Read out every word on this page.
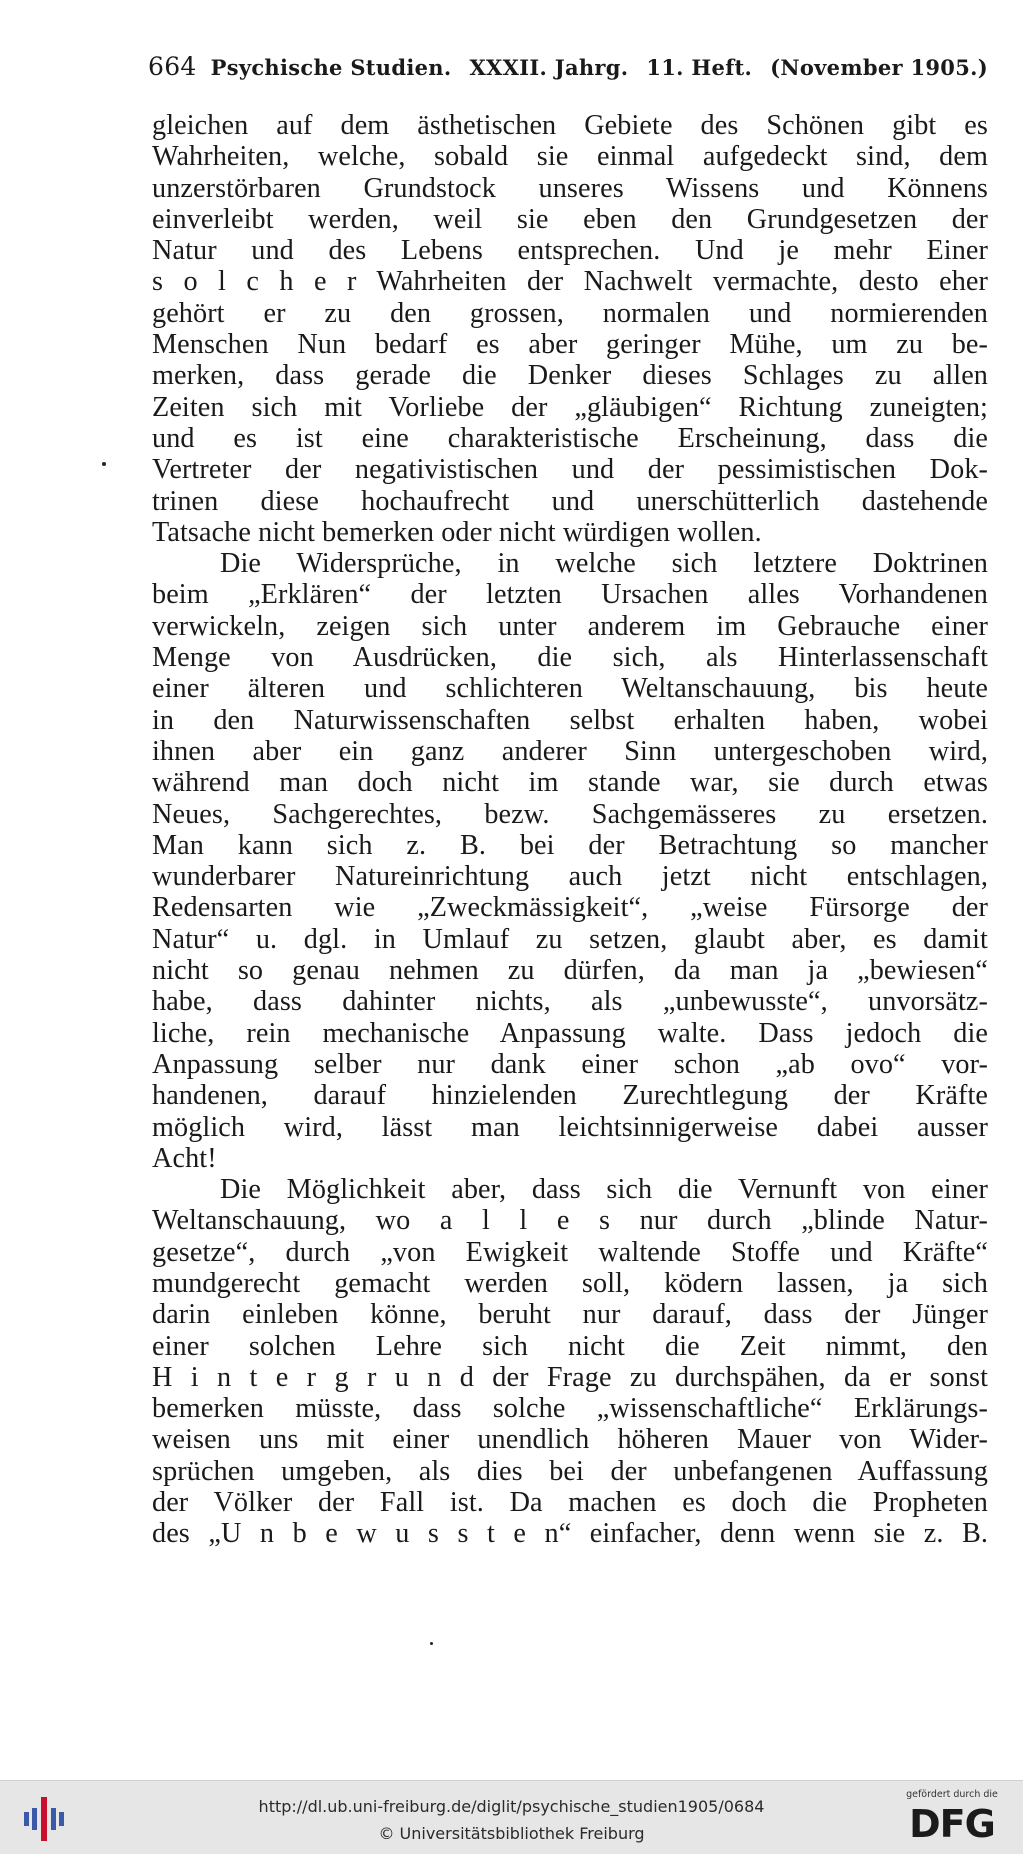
664 Psychische Studien. XXXII. Jahrg. 11. Heft. (November 1905.)
gleichen auf dem ästhetischen Gebiete des Schönen gibt es
Wahrheiten, welche, sobald sie einmal aufgedeckt sind, dem
unzerstörbaren Grundstock unseres Wissens und Könnens
einverleibt werden, weil sie eben den Grundgesetzen der
Natur und des Lebens entsprechen. Und je mehr Einer
s o l c h e r Wahrheiten der Nachwelt vermachte, desto eher
gehört er zu den grossen, normalen und normierenden
Menschen Nun bedarf es aber geringer Mühe, um zu be-
merken, dass gerade die Denker dieses Schlages zu allen
Zeiten sich mit Vorliebe der „gläubigen“ Richtung zuneigten;
und es ist eine charakteristische Erscheinung, dass die
Vertreter der negativistischen und der pessimistischen Dok-
trinen diese hochaufrecht und unerschütterlich dastehende
Tatsache nicht bemerken oder nicht würdigen wollen.
Die Widersprüche, in welche sich letztere Doktrinen
beim „Erklären“ der letzten Ursachen alles Vorhandenen
verwickeln, zeigen sich unter anderem im Gebrauche einer
Menge von Ausdrücken, die sich, als Hinterlassenschaft
einer älteren und schlichteren Weltanschauung, bis heute
in den Naturwissenschaften selbst erhalten haben, wobei
ihnen aber ein ganz anderer Sinn untergeschoben wird,
während man doch nicht im stande war, sie durch etwas
Neues, Sachgerechtes, bezw. Sachgemässeres zu ersetzen.
Man kann sich z. B. bei der Betrachtung so mancher
wunderbarer Natureinrichtung auch jetzt nicht entschlagen,
Redensarten wie „Zweckmässigkeit“, „weise Fürsorge der
Natur“ u. dgl. in Umlauf zu setzen, glaubt aber, es damit
nicht so genau nehmen zu dürfen, da man ja „bewiesen“
habe, dass dahinter nichts, als „unbewusste“, unvorsätz-
liche, rein mechanische Anpassung walte. Dass jedoch die
Anpassung selber nur dank einer schon „ab ovo“ vor-
handenen, darauf hinzielenden Zurechtlegung der Kräfte
möglich wird, lässt man leichtsinnigerweise dabei ausser
Acht!
Die Möglichkeit aber, dass sich die Vernunft von einer
Weltanschauung, wo a l l e s nur durch „blinde Natur-
gesetze“, durch „von Ewigkeit waltende Stoffe und Kräfte“
mundgerecht gemacht werden soll, ködern lassen, ja sich
darin einleben könne, beruht nur darauf, dass der Jünger
einer solchen Lehre sich nicht die Zeit nimmt, den
H i n t e r g r u n d der Frage zu durchspähen, da er sonst
bemerken müsste, dass solche „wissenschaftliche“ Erklärungs-
weisen uns mit einer unendlich höheren Mauer von Wider-
sprüchen umgeben, als dies bei der unbefangenen Auffassung
der Völker der Fall ist. Da machen es doch die Propheten
des „U n b e w u s s t e n“ einfacher, denn wenn sie z. B.
http://dl.ub.uni-freiburg.de/diglit/psychische_studien1905/0684
© Universitätsbibliothek Freiburg
gefördert durch die
DFG
